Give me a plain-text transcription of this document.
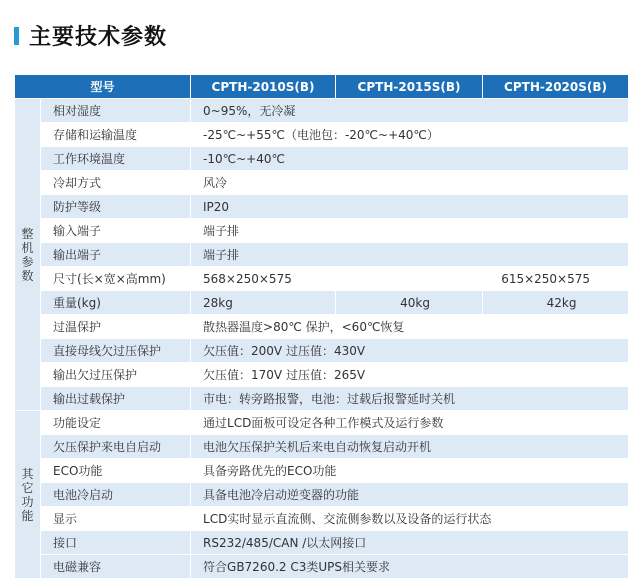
主要技术参数
型号		CPTH-2010S(B)	CPTH-2015S(B)	CPTH-2020S(B)

整
机
参
数	相对湿度	0~95%，无冷凝		
	存储和运输温度	-25℃~+55℃（电池包：-20℃~+40℃）		
	工作环境温度	-10℃~+40℃		
	冷却方式	风冷		
	防护等级	IP20		
	输入端子	端子排		
	输出端子	端子排		
	尺寸(长×宽×高mm)	568×250×575		615×250×575
	重量(kg)	28kg	40kg	42kg
	过温保护	散热器温度>80℃ 保护，<60℃恢复		
	直接母线欠过压保护	欠压值：200V 过压值：430V		
	输出欠过压保护	欠压值：170V 过压值：265V		
	输出过载保护	市电：转旁路报警，电池：过载后报警延时关机		

其
它
功
能	功能设定	通过LCD面板可设定各种工作模式及运行参数		
	欠压保护来电自启动	电池欠压保护关机后来电自动恢复启动开机		
	ECO功能	具备旁路优先的ECO功能		
	电池冷启动	具备电池冷启动逆变器的功能		
	显示	LCD实时显示直流侧、交流侧参数以及设备的运行状态		
	接口	RS232/485/CAN /以太网接口		
	电磁兼容	符合GB7260.2 C3类UPS相关要求		
